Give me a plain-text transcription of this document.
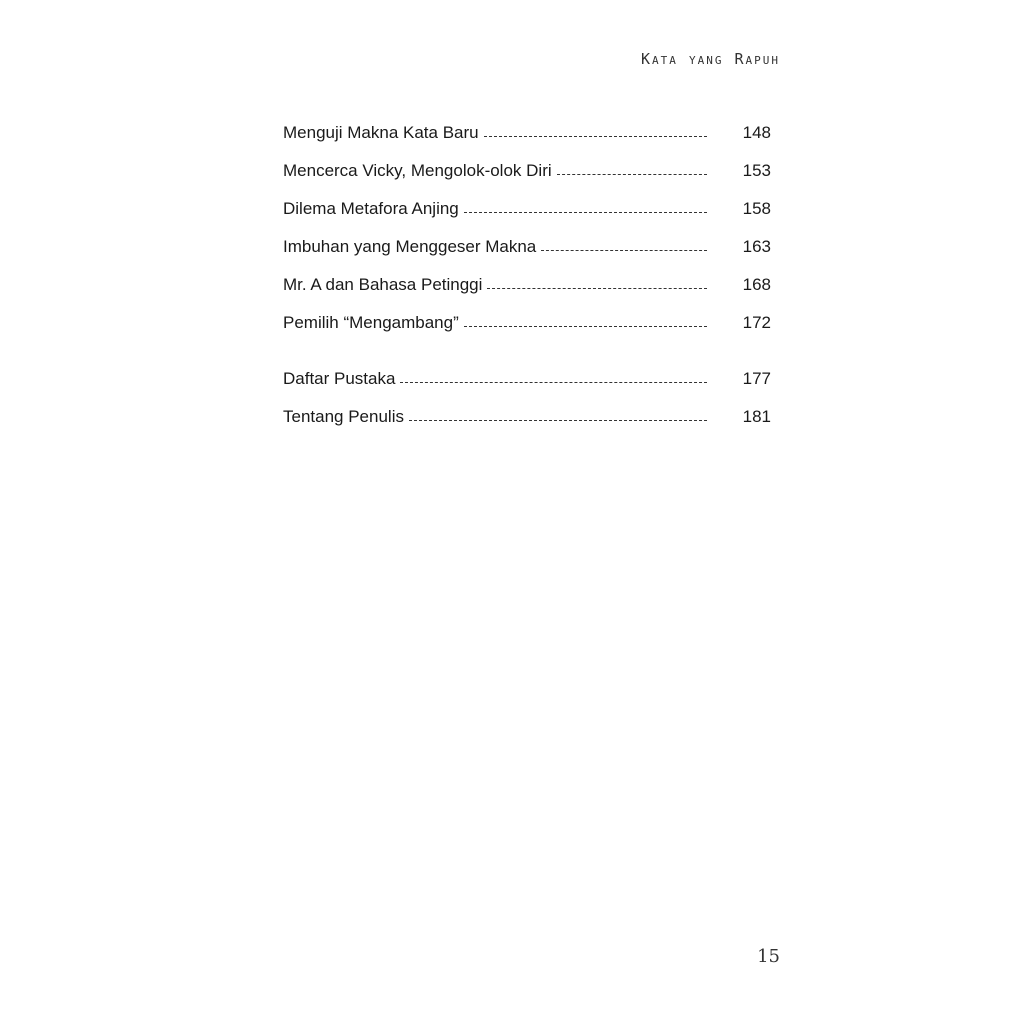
Kata yang Rapuh
Menguji Makna Kata Baru	148
Mencerca Vicky, Mengolok-olok Diri	153
Dilema Metafora Anjing	158
Imbuhan yang Menggeser Makna	163
Mr. A dan Bahasa Petinggi	168
Pemilih “Mengambang”	172
Daftar Pustaka	177
Tentang Penulis	181
15
